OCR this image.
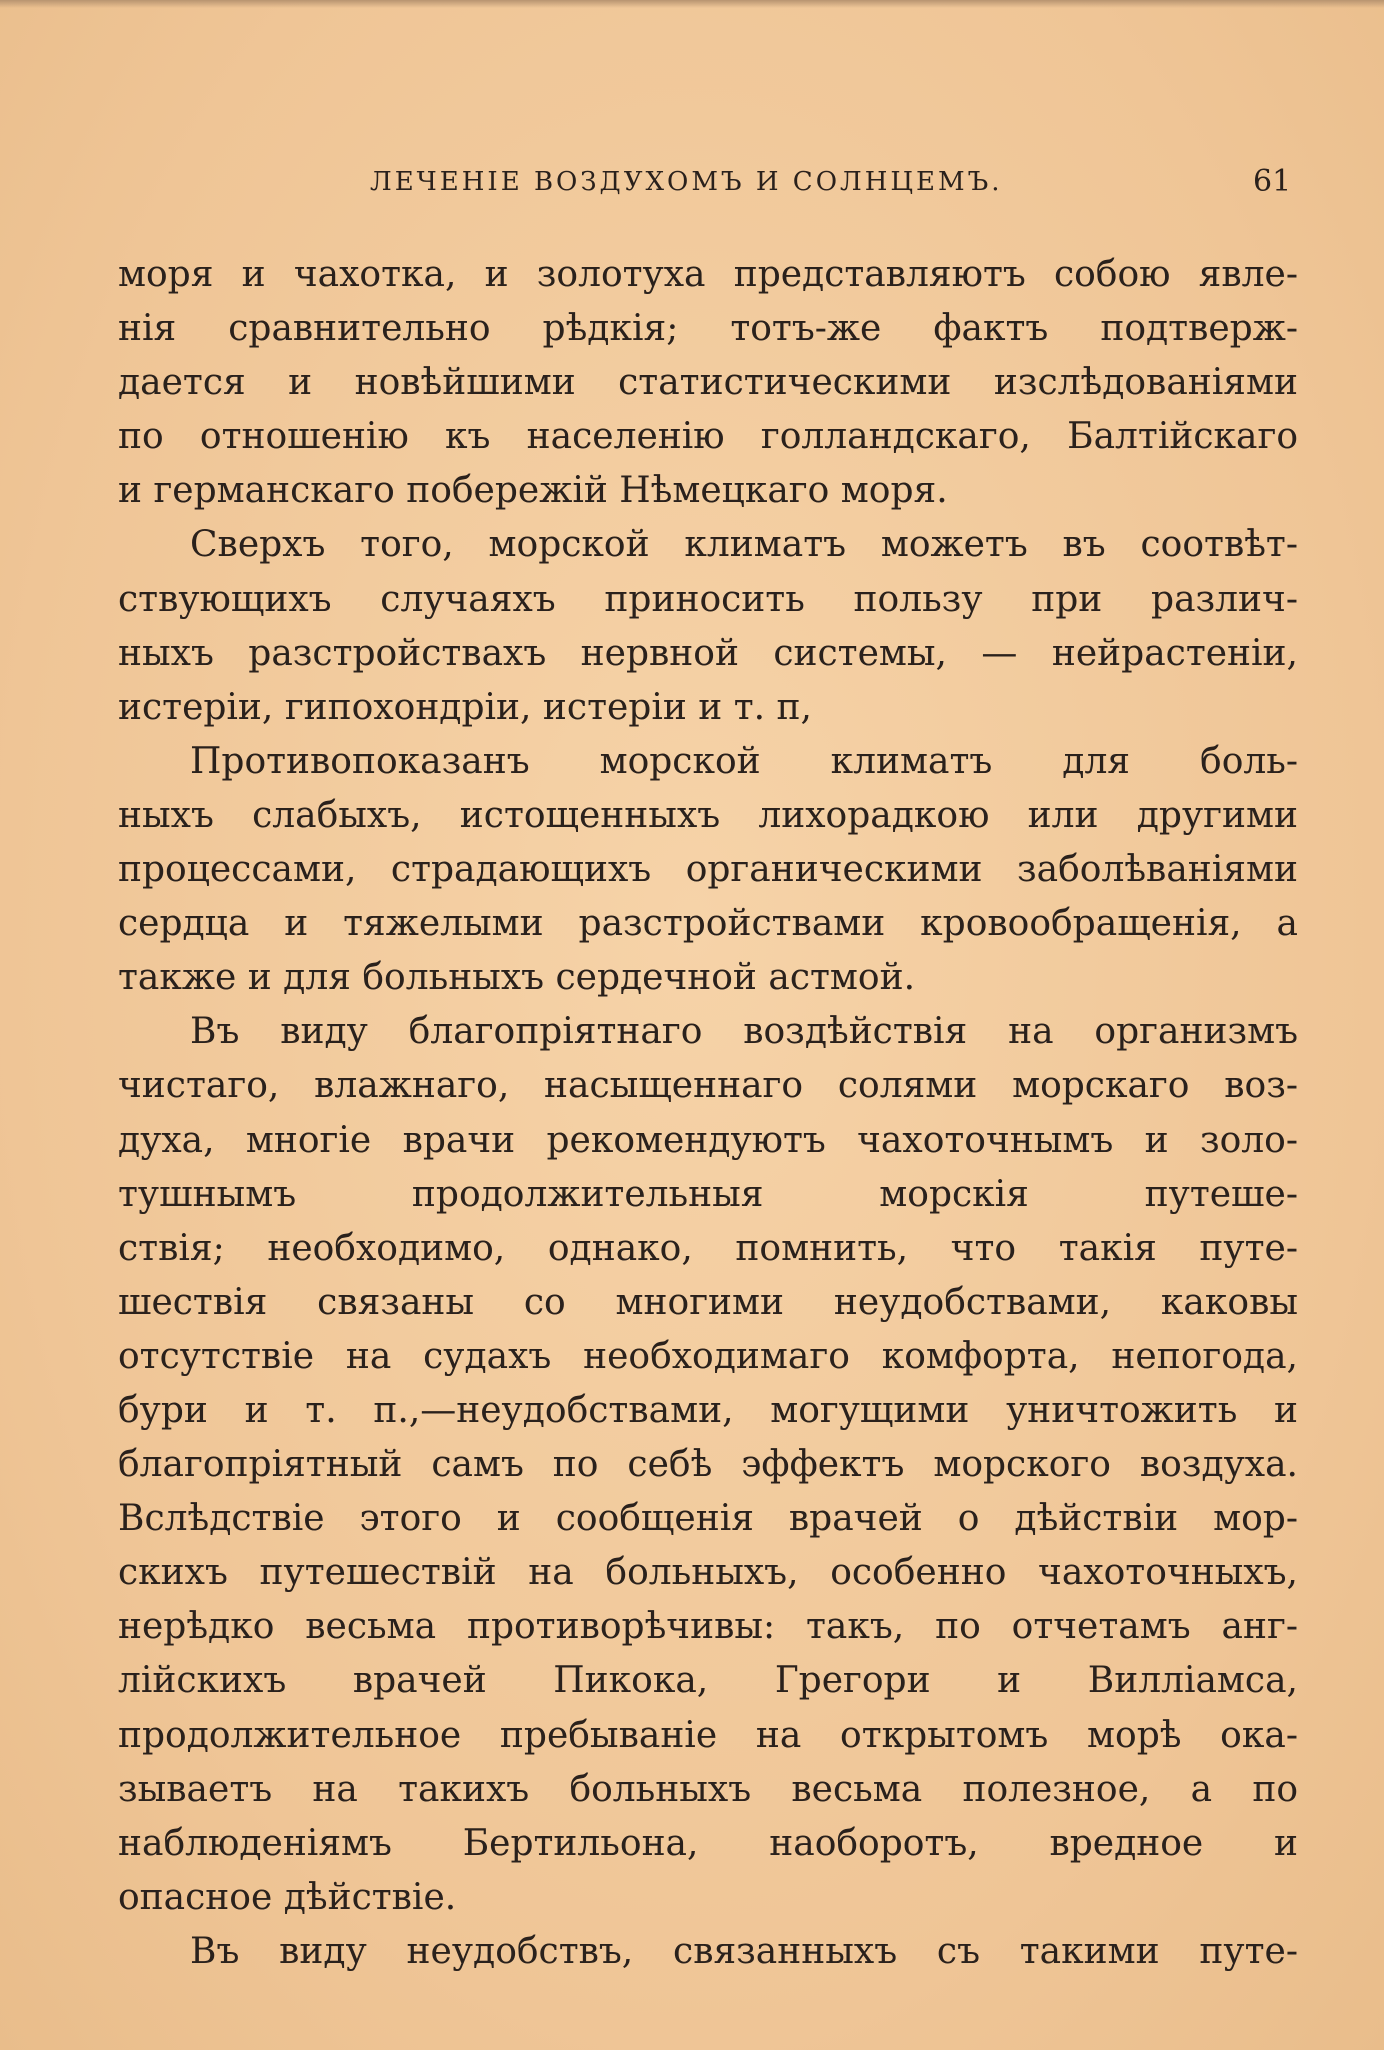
ЛЕЧЕНІЕ ВОЗДУХОМЪ И СОЛНЦЕМЪ.	61
моря и чахотка, и золотуха представляютъ собою явле-
нія сравнительно рѣдкія; тотъ-же фактъ подтверж-
дается и новѣйшими статистическими изслѣдованіями
по отношенію къ населенію голландскаго, Балтійскаго
и германскаго побережій Нѣмецкаго моря.
Сверхъ того, морской климатъ можетъ въ соотвѣт-
ствующихъ случаяхъ приносить пользу при различ-
ныхъ разстройствахъ нервной системы, — нейрастеніи,
истеріи, гипохондріи, истеріи и т. п,
Противопоказанъ морской климатъ для боль-
ныхъ слабыхъ, истощенныхъ лихорадкою или другими
процессами, страдающихъ органическими заболѣваніями
сердца и тяжелыми разстройствами кровообращенія, а
также и для больныхъ сердечной астмой.
Въ виду благопріятнаго воздѣйствія на организмъ
чистаго, влажнаго, насыщеннаго солями морскаго воз-
духа, многіе врачи рекомендуютъ чахоточнымъ и золо-
тушнымъ продолжительныя морскія путеше-
ствія; необходимо, однако, помнить, что такія путе-
шествія связаны со многими неудобствами, каковы
отсутствіе на судахъ необходимаго комфорта, непогода,
бури и т. п.,—неудобствами, могущими уничтожить и
благопріятный самъ по себѣ эффектъ морского воздуха.
Вслѣдствіе этого и сообщенія врачей о дѣйствіи мор-
скихъ путешествій на больныхъ, особенно чахоточныхъ,
нерѣдко весьма противорѣчивы: такъ, по отчетамъ анг-
лійскихъ врачей Пикока, Грегори и Вилліамса,
продолжительное пребываніе на открытомъ морѣ ока-
зываетъ на такихъ больныхъ весьма полезное, а по
наблюденіямъ Бертильона, наоборотъ, вредное и
опасное дѣйствіе.
Въ виду неудобствъ, связанныхъ съ такими путе-
